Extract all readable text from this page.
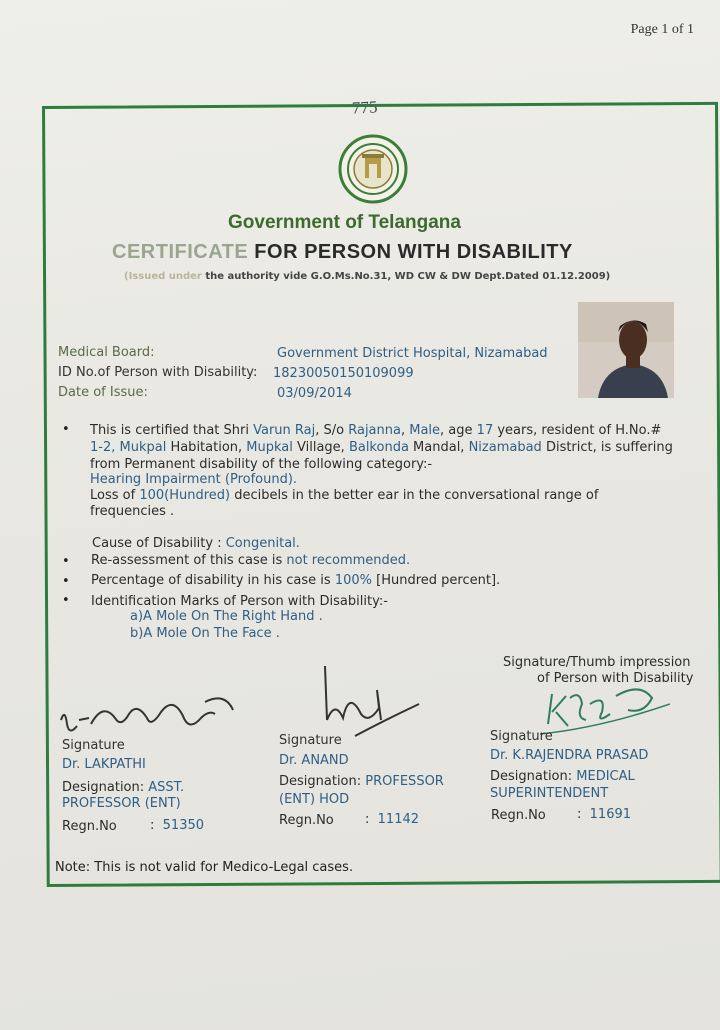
Page 1 of 1
775
Government of Telangana
CERTIFICATE FOR PERSON WITH DISABILITY
(Issued under the authority vide G.O.Ms.No.31, WD CW & DW Dept.Dated 01.12.2009)
Medical Board:	Government District Hospital, Nizamabad
ID No.of Person with Disability: 18230050150109099
Date of Issue:	03/09/2014
• This is certified that Shri Varun Raj, S/o Rajanna, Male, age 17 years, resident of H.No.#
1-2, Mukpal Habitation, Mupkal Village, Balkonda Mandal, Nizamabad District, is suffering
from Permanent disability of the following category:-
Hearing Impairment (Profound).
Loss of 100(Hundred) decibels in the better ear in the conversational range of
frequencies .
Cause of Disability : Congenital.
• Re-assessment of this case is not recommended.
• Percentage of disability in his case is 100% [Hundred percent].
• Identification Marks of Person with Disability:-
a)A Mole On The Right Hand .
b)A Mole On The Face .
Signature/Thumb impression
of Person with Disability
Signature
Dr. LAKPATHI
Designation: ASST.
PROFESSOR (ENT)
Regn.No	: 51350
Signature
Dr. ANAND
Designation: PROFESSOR
(ENT) HOD
Regn.No : 11142
Signature
Dr. K.RAJENDRA PRASAD
Designation: MEDICAL
SUPERINTENDENT
Regn.No : 11691
Note: This is not valid for Medico-Legal cases.
